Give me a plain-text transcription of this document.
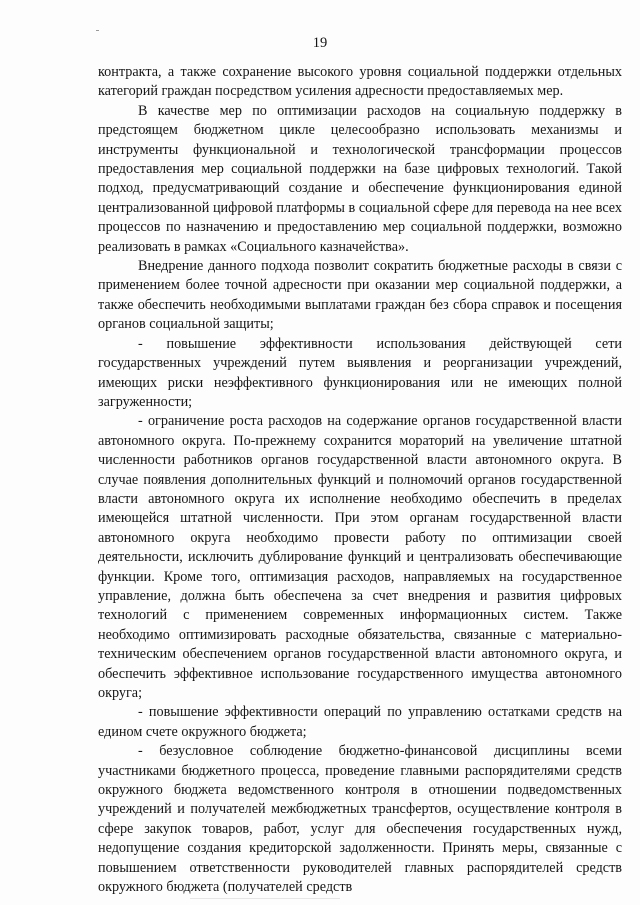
19

контракта, а также сохранение высокого уровня социальной поддержки отдельных категорий граждан посредством усиления адресности предоставляемых мер.

В качестве мер по оптимизации расходов на социальную поддержку в предстоящем бюджетном цикле целесообразно использовать механизмы и инструменты функциональной и технологической трансформации процессов предоставления мер социальной поддержки на базе цифровых технологий. Такой подход, предусматривающий создание и обеспечение функционирования единой централизованной цифровой платформы в социальной сфере для перевода на нее всех процессов по назначению и предоставлению мер социальной поддержки, возможно реализовать в рамках «Социального казначейства».

Внедрение данного подхода позволит сократить бюджетные расходы в связи с применением более точной адресности при оказании мер социальной поддержки, а также обеспечить необходимыми выплатами граждан без сбора справок и посещения органов социальной защиты;

- повышение эффективности использования действующей сети государственных учреждений путем выявления и реорганизации учреждений, имеющих риски неэффективного функционирования или не имеющих полной загруженности;

- ограничение роста расходов на содержание органов государственной власти автономного округа. По-прежнему сохранится мораторий на увеличение штатной численности работников органов государственной власти автономного округа. В случае появления дополнительных функций и полномочий органов государственной власти автономного округа их исполнение необходимо обеспечить в пределах имеющейся штатной численности. При этом органам государственной власти автономного округа необходимо провести работу по оптимизации своей деятельности, исключить дублирование функций и централизовать обеспечивающие функции. Кроме того, оптимизация расходов, направляемых на государственное управление, должна быть обеспечена за счет внедрения и развития цифровых технологий с применением современных информационных систем. Также необходимо оптимизировать расходные обязательства, связанные с материально-техническим обеспечением органов государственной власти автономного округа, и обеспечить эффективное использование государственного имущества автономного округа;

- повышение эффективности операций по управлению остатками средств на едином счете окружного бюджета;

- безусловное соблюдение бюджетно-финансовой дисциплины всеми участниками бюджетного процесса, проведение главными распорядителями средств окружного бюджета ведомственного контроля в отношении подведомственных учреждений и получателей межбюджетных трансфертов, осуществление контроля в сфере закупок товаров, работ, услуг для обеспечения государственных нужд, недопущение создания кредиторской задолженности. Принять меры, связанные с повышением ответственности руководителей главных распорядителей средств окружного бюджета (получателей средств
